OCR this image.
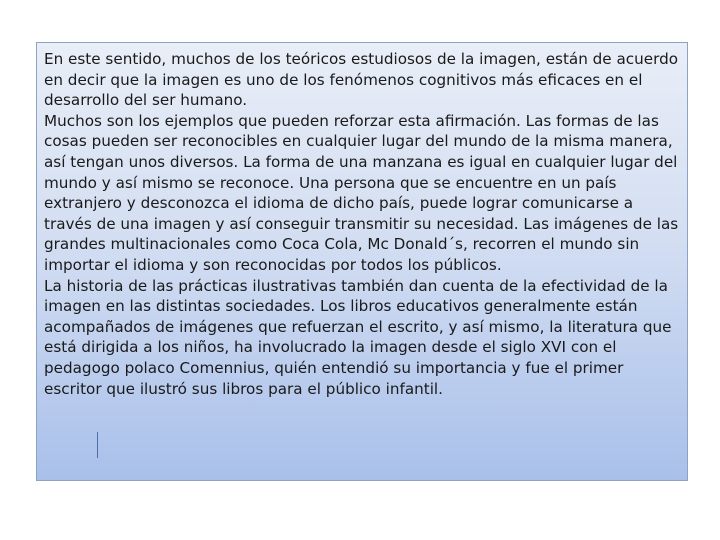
En este sentido, muchos de los teóricos estudiosos de la imagen, están de acuerdo en decir que la imagen es uno de los fenómenos cognitivos más eficaces en el desarrollo del ser humano.

Muchos son los ejemplos que pueden reforzar esta afirmación. Las formas de las cosas pueden ser reconocibles en cualquier lugar del mundo de la misma manera, así tengan unos diversos. La forma de una manzana es igual en cualquier lugar del mundo y así mismo se reconoce. Una persona que se encuentre en un país extranjero y desconozca el idioma de dicho país, puede lograr comunicarse a través de una imagen y así conseguir transmitir su necesidad. Las imágenes de las grandes multinacionales como Coca Cola, Mc Donald´s, recorren el mundo sin importar el idioma y son reconocidas por todos los públicos.

La historia de las prácticas ilustrativas también dan cuenta de la efectividad de la imagen en las distintas sociedades. Los libros educativos generalmente están acompañados de imágenes que refuerzan el escrito, y así mismo, la literatura que está dirigida a los niños, ha involucrado la imagen desde el siglo XVI con el pedagogo polaco Comennius, quién entendió su importancia y fue el primer escritor que ilustró sus libros para el público infantil.
